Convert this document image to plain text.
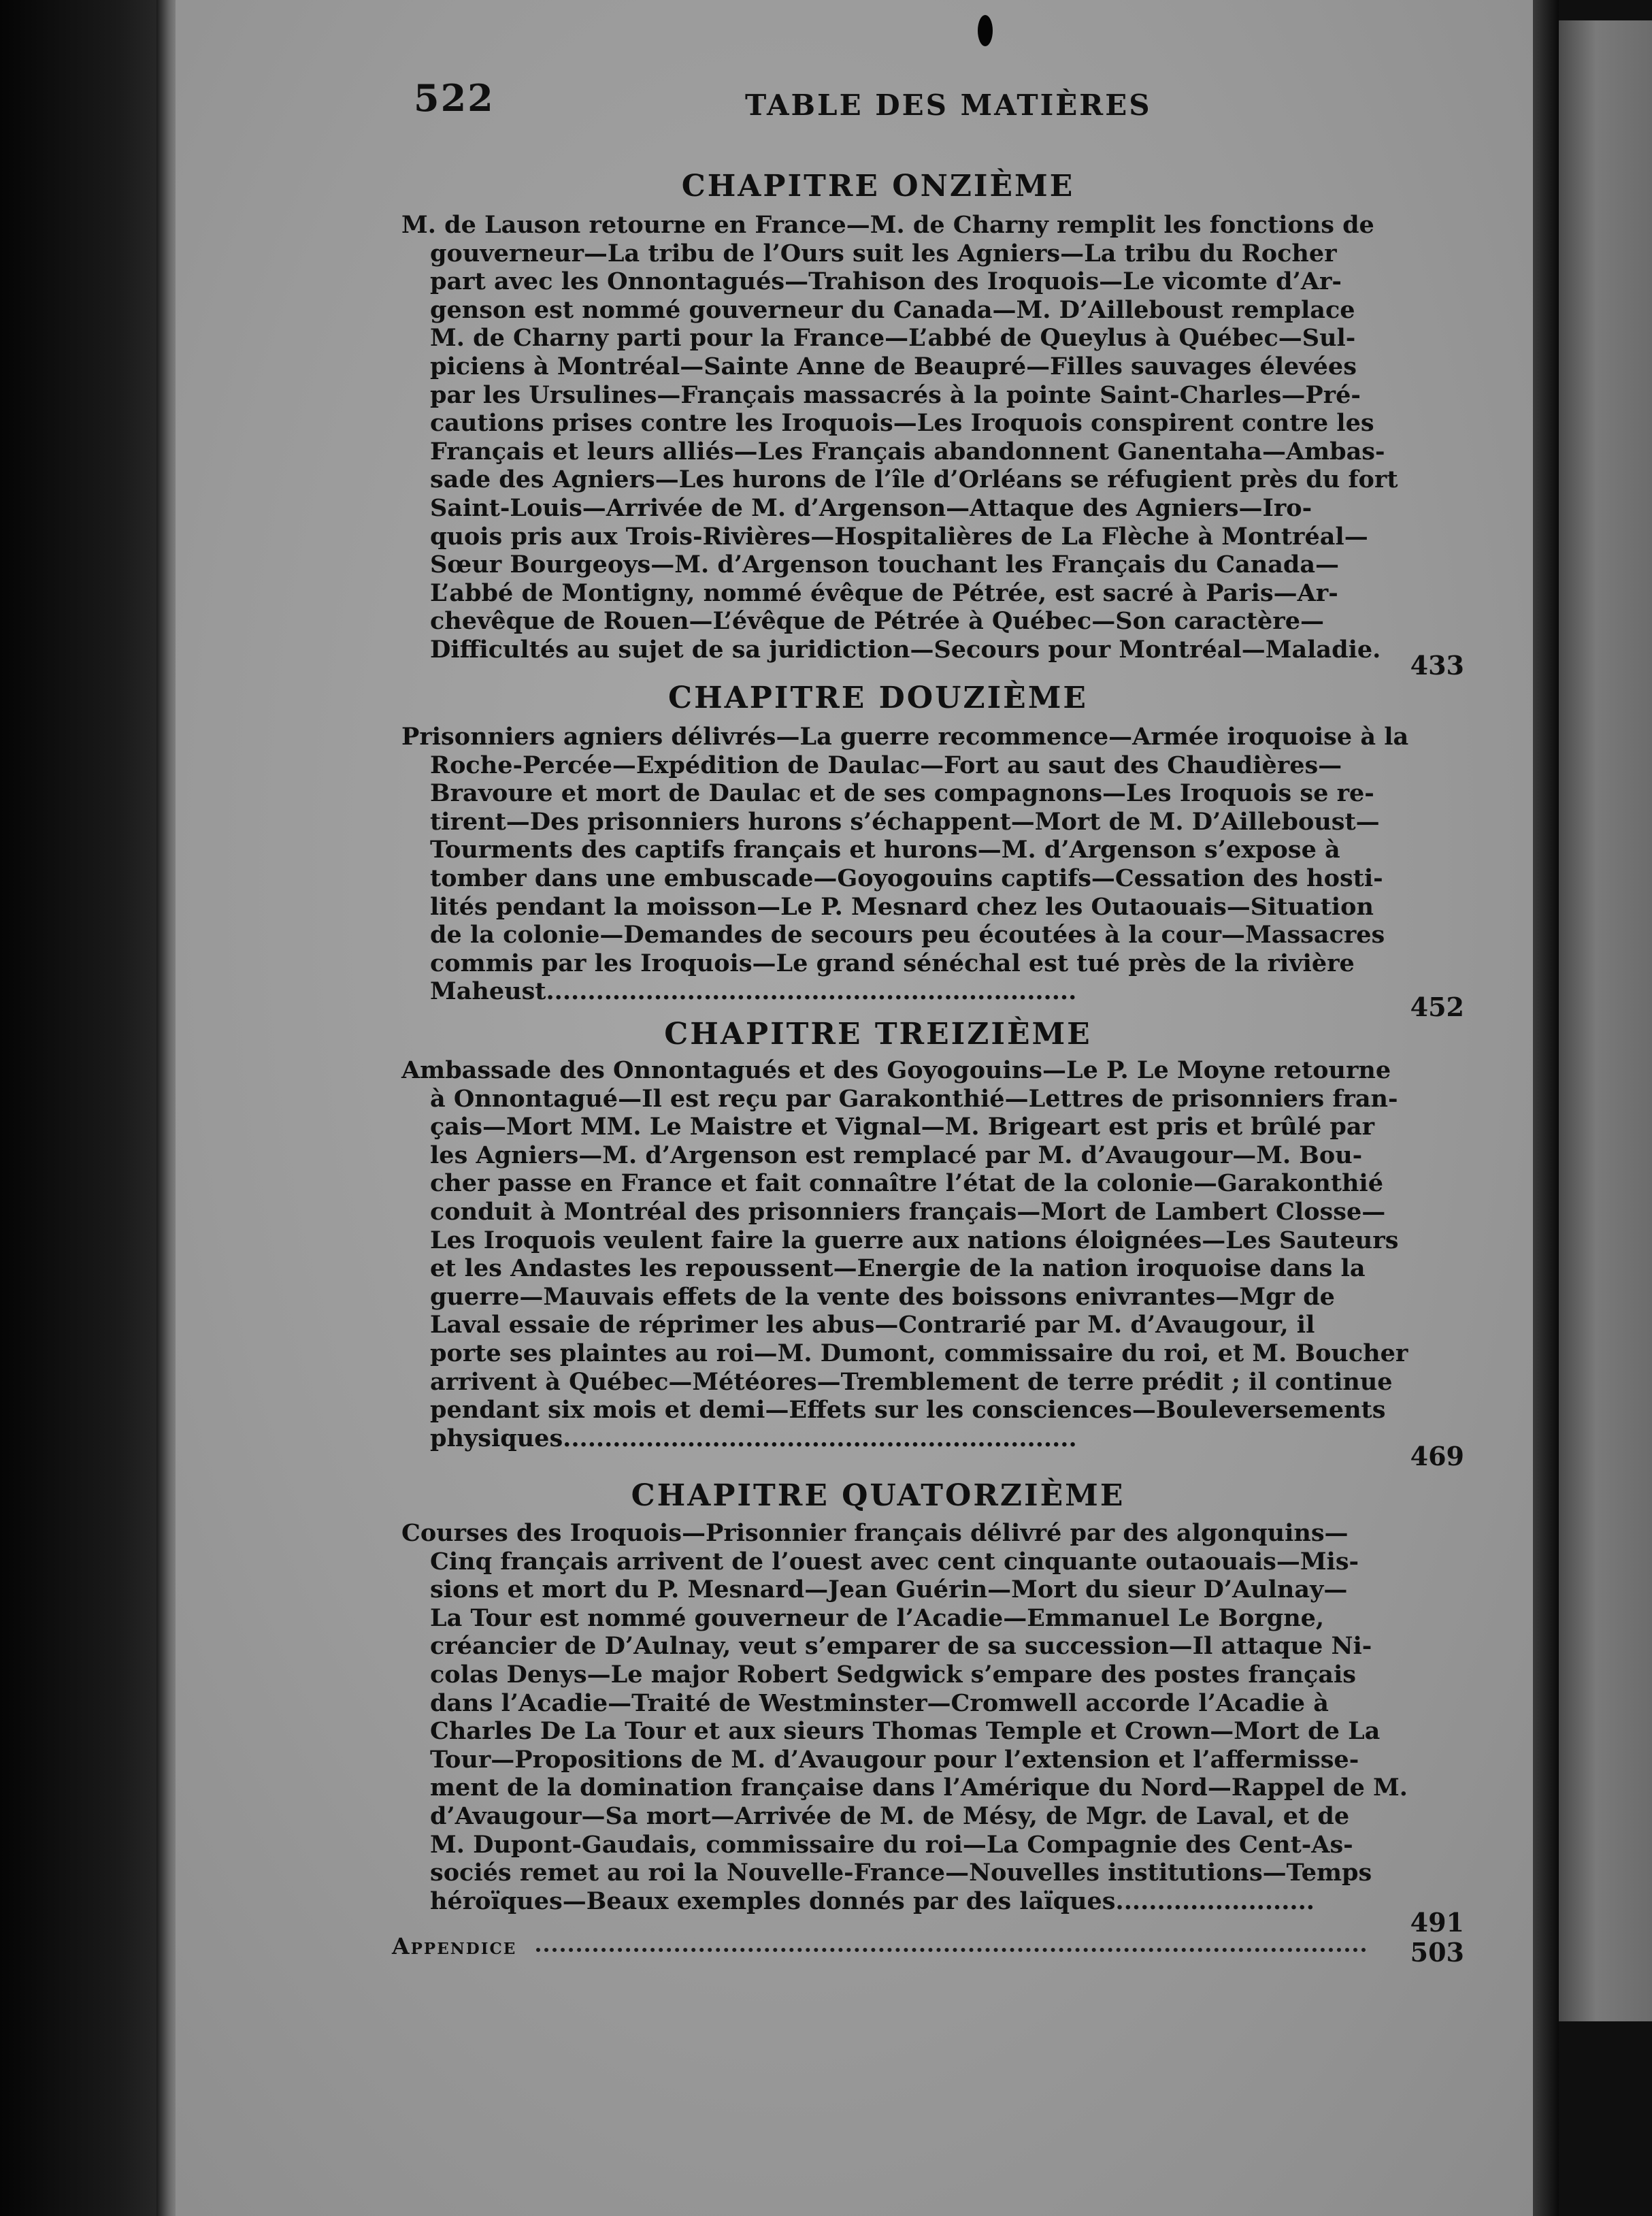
522	TABLE DES MATIÈRES
CHAPITRE ONZIÈME
M. de Lauson retourne en France—M. de Charny remplit les fonctions de
gouverneur—La tribu de l’Ours suit les Agniers—La tribu du Rocher
part avec les Onnontagués—Trahison des Iroquois—Le vicomte d’Ar-
genson est nommé gouverneur du Canada—M. D’Ailleboust remplace
M. de Charny parti pour la France—L’abbé de Queylus à Québec—Sul-
piciens à Montréal—Sainte Anne de Beaupré—Filles sauvages élevées
par les Ursulines—Français massacrés à la pointe Saint-Charles—Pré-
cautions prises contre les Iroquois—Les Iroquois conspirent contre les
Français et leurs alliés—Les Français abandonnent Ganentaha—Ambas-
sade des Agniers—Les hurons de l’île d’Orléans se réfugient près du fort
Saint-Louis—Arrivée de M. d’Argenson—Attaque des Agniers—Iro-
quois pris aux Trois-Rivières—Hospitalières de La Flèche à Montréal—
Sœur Bourgeoys—M. d’Argenson touchant les Français du Canada—
L’abbé de Montigny, nommé évêque de Pétrée, est sacré à Paris—Ar-
chevêque de Rouen—L’évêque de Pétrée à Québec—Son caractère—
Difficultés au sujet de sa juridiction—Secours pour Montréal—Maladie.
433
CHAPITRE DOUZIÈME
Prisonniers agniers délivrés—La guerre recommence—Armée iroquoise à la
Roche-Percée—Expédition de Daulac—Fort au saut des Chaudières—
Bravoure et mort de Daulac et de ses compagnons—Les Iroquois se re-
tirent—Des prisonniers hurons s’échappent—Mort de M. D’Ailleboust—
Tourments des captifs français et hurons—M. d’Argenson s’expose à
tomber dans une embuscade—Goyogouins captifs—Cessation des hosti-
lités pendant la moisson—Le P. Mesnard chez les Outaouais—Situation
de la colonie—Demandes de secours peu écoutées à la cour—Massacres
commis par les Iroquois—Le grand sénéchal est tué près de la rivière
Maheust................................................................
452
CHAPITRE TREIZIÈME
Ambassade des Onnontagués et des Goyogouins—Le P. Le Moyne retourne
à Onnontagué—Il est reçu par Garakonthié—Lettres de prisonniers fran-
çais—Mort MM. Le Maistre et Vignal—M. Brigeart est pris et brûlé par
les Agniers—M. d’Argenson est remplacé par M. d’Avaugour—M. Bou-
cher passe en France et fait connaître l’état de la colonie—Garakonthié
conduit à Montréal des prisonniers français—Mort de Lambert Closse—
Les Iroquois veulent faire la guerre aux nations éloignées—Les Sauteurs
et les Andastes les repoussent—Energie de la nation iroquoise dans la
guerre—Mauvais effets de la vente des boissons enivrantes—Mgr de
Laval essaie de réprimer les abus—Contrarié par M. d’Avaugour, il
porte ses plaintes au roi—M. Dumont, commissaire du roi, et M. Boucher
arrivent à Québec—Météores—Tremblement de terre prédit ; il continue
pendant six mois et demi—Effets sur les consciences—Bouleversements
physiques..............................................................
469
CHAPITRE QUATORZIÈME
Courses des Iroquois—Prisonnier français délivré par des algonquins—
Cinq français arrivent de l’ouest avec cent cinquante outaouais—Mis-
sions et mort du P. Mesnard—Jean Guérin—Mort du sieur D’Aulnay—
La Tour est nommé gouverneur de l’Acadie—Emmanuel Le Borgne,
créancier de D’Aulnay, veut s’emparer de sa succession—Il attaque Ni-
colas Denys—Le major Robert Sedgwick s’empare des postes français
dans l’Acadie—Traité de Westminster—Cromwell accorde l’Acadie à
Charles De La Tour et aux sieurs Thomas Temple et Crown—Mort de La
Tour—Propositions de M. d’Avaugour pour l’extension et l’affermisse-
ment de la domination française dans l’Amérique du Nord—Rappel de M.
d’Avaugour—Sa mort—Arrivée de M. de Mésy, de Mgr. de Laval, et de
M. Dupont-Gaudais, commissaire du roi—La Compagnie des Cent-As-
sociés remet au roi la Nouvelle-France—Nouvelles institutions—Temps
héroïques—Beaux exemples donnés par des laïques........................
491
Appendice	503
